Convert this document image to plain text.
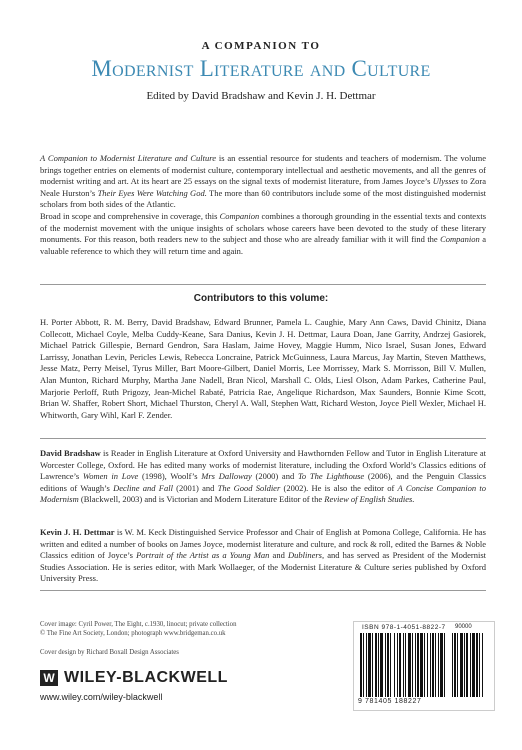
A COMPANION TO
Modernist Literature and Culture
Edited by David Bradshaw and Kevin J. H. Dettmar
A Companion to Modernist Literature and Culture is an essential resource for students and teachers of modernism. The volume brings together entries on elements of modernist culture, contemporary intellectual and aesthetic movements, and all the genres of modernist writing and art. At its heart are 25 essays on the signal texts of modernist literature, from James Joyce’s Ulysses to Zora Neale Hurston’s Their Eyes Were Watching God. The more than 60 contributors include some of the most distinguished modernist scholars from both sides of the Atlantic.
Broad in scope and comprehensive in coverage, this Companion combines a thorough grounding in the essential texts and contexts of the modernist movement with the unique insights of scholars whose careers have been devoted to the study of these literary monuments. For this reason, both readers new to the subject and those who are already familiar with it will find the Companion a valuable reference to which they will return time and again.
Contributors to this volume:
H. Porter Abbott, R. M. Berry, David Bradshaw, Edward Brunner, Pamela L. Caughie, Mary Ann Caws, David Chinitz, Diana Collecott, Michael Coyle, Melba Cuddy-Keane, Sara Danius, Kevin J. H. Dettmar, Laura Doan, Jane Garrity, Andrzej Gasiorek, Michael Patrick Gillespie, Bernard Gendron, Sara Haslam, Jaime Hovey, Maggie Humm, Nico Israel, Susan Jones, Edward Larrissy, Jonathan Levin, Pericles Lewis, Rebecca Loncraine, Patrick McGuinness, Laura Marcus, Jay Martin, Steven Matthews, Jesse Matz, Perry Meisel, Tyrus Miller, Bart Moore-Gilbert, Daniel Morris, Lee Morrissey, Mark S. Morrisson, Bill V. Mullen, Alan Munton, Richard Murphy, Martha Jane Nadell, Bran Nicol, Marshall C. Olds, Liesl Olson, Adam Parkes, Catherine Paul, Marjorie Perloff, Ruth Prigozy, Jean-Michel Rabaté, Patricia Rae, Angelique Richardson, Max Saunders, Bonnie Kime Scott, Brian W. Shaffer, Robert Short, Michael Thurston, Cheryl A. Wall, Stephen Watt, Richard Weston, Joyce Piell Wexler, Michael H. Whitworth, Gary Wihl, Karl F. Zender.
David Bradshaw is Reader in English Literature at Oxford University and Hawthornden Fellow and Tutor in English Literature at Worcester College, Oxford. He has edited many works of modernist literature, including the Oxford World’s Classics editions of Lawrence’s Women in Love (1998), Woolf’s Mrs Dalloway (2000) and To The Lighthouse (2006), and the Penguin Classics editions of Waugh’s Decline and Fall (2001) and The Good Soldier (2002). He is also the editor of A Concise Companion to Modernism (Blackwell, 2003) and is Victorian and Modern Literature Editor of the Review of English Studies.
Kevin J. H. Dettmar is W. M. Keck Distinguished Service Professor and Chair of English at Pomona College, California. He has written and edited a number of books on James Joyce, modernist literature and culture, and rock & roll, edited the Barnes & Noble Classics edition of Joyce’s Portrait of the Artist as a Young Man and Dubliners, and has served as President of the Modernist Studies Association. He is series editor, with Mark Wollaeger, of the Modernist Literature & Culture series published by Oxford University Press.
Cover image: Cyril Power, The Eight, c.1930, linocut; private collection
© The Fine Art Society, London; photograph www.bridgeman.co.uk
Cover design by Richard Boxall Design Associates
W WILEY-BLACKWELL
www.wiley.com/wiley-blackwell
ISBN 978-1-4051-8822-7 90000
9 781405 188227
